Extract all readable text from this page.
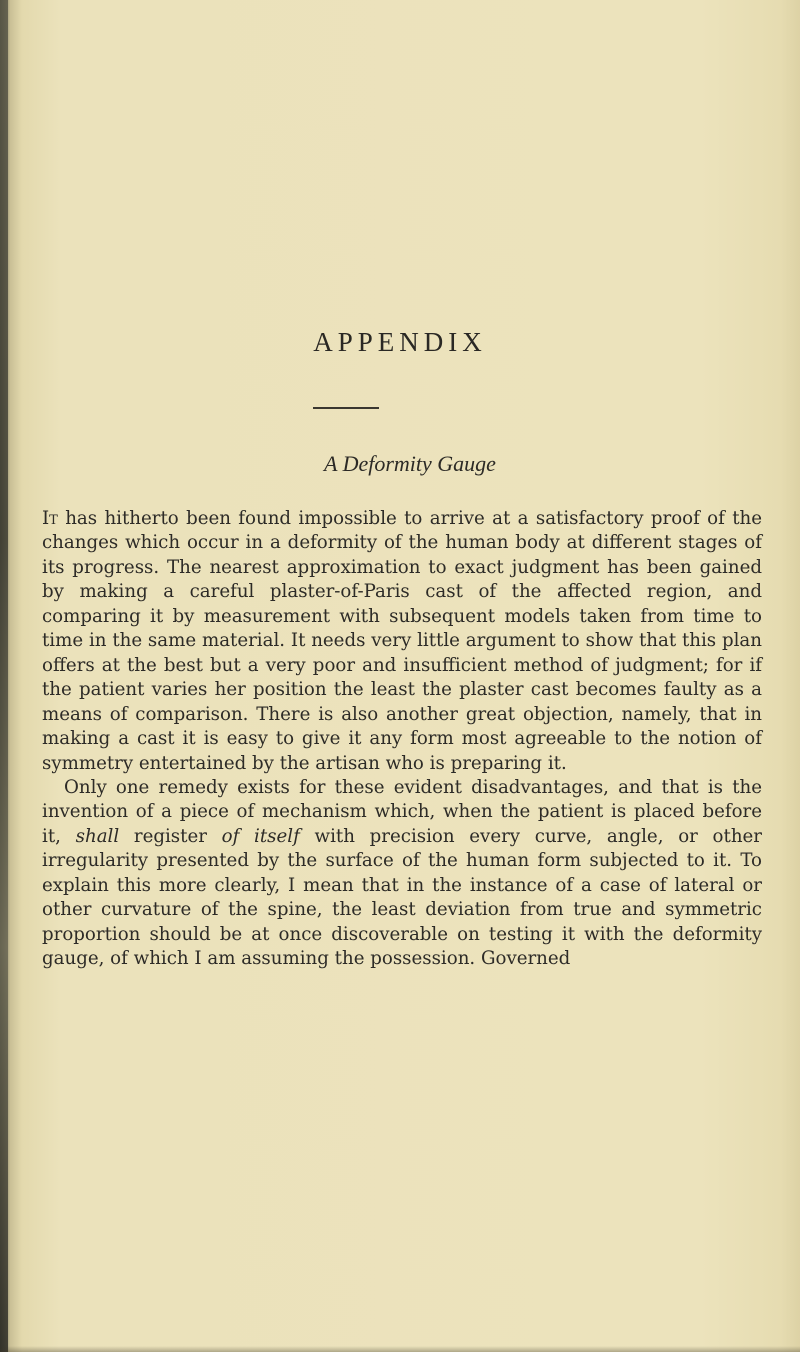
APPENDIX
A Deformity Gauge

It has hitherto been found impossible to arrive at a satisfactory proof of the changes which occur in a deformity of the human body at different stages of its progress. The nearest approximation to exact judgment has been gained by making a careful plaster-of-Paris cast of the affected region, and comparing it by measurement with subsequent models taken from time to time in the same material. It needs very little argument to show that this plan offers at the best but a very poor and insufficient method of judgment; for if the patient varies her position the least the plaster cast becomes faulty as a means of comparison. There is also another great objection, namely, that in making a cast it is easy to give it any form most agreeable to the notion of symmetry entertained by the artisan who is preparing it.

Only one remedy exists for these evident disadvantages, and that is the invention of a piece of mechanism which, when the patient is placed before it, shall register of itself with precision every curve, angle, or other irregularity presented by the surface of the human form subjected to it. To explain this more clearly, I mean that in the instance of a case of lateral or other curvature of the spine, the least deviation from true and symmetric proportion should be at once discoverable on testing it with the deformity gauge, of which I am assuming the possession. Governed
